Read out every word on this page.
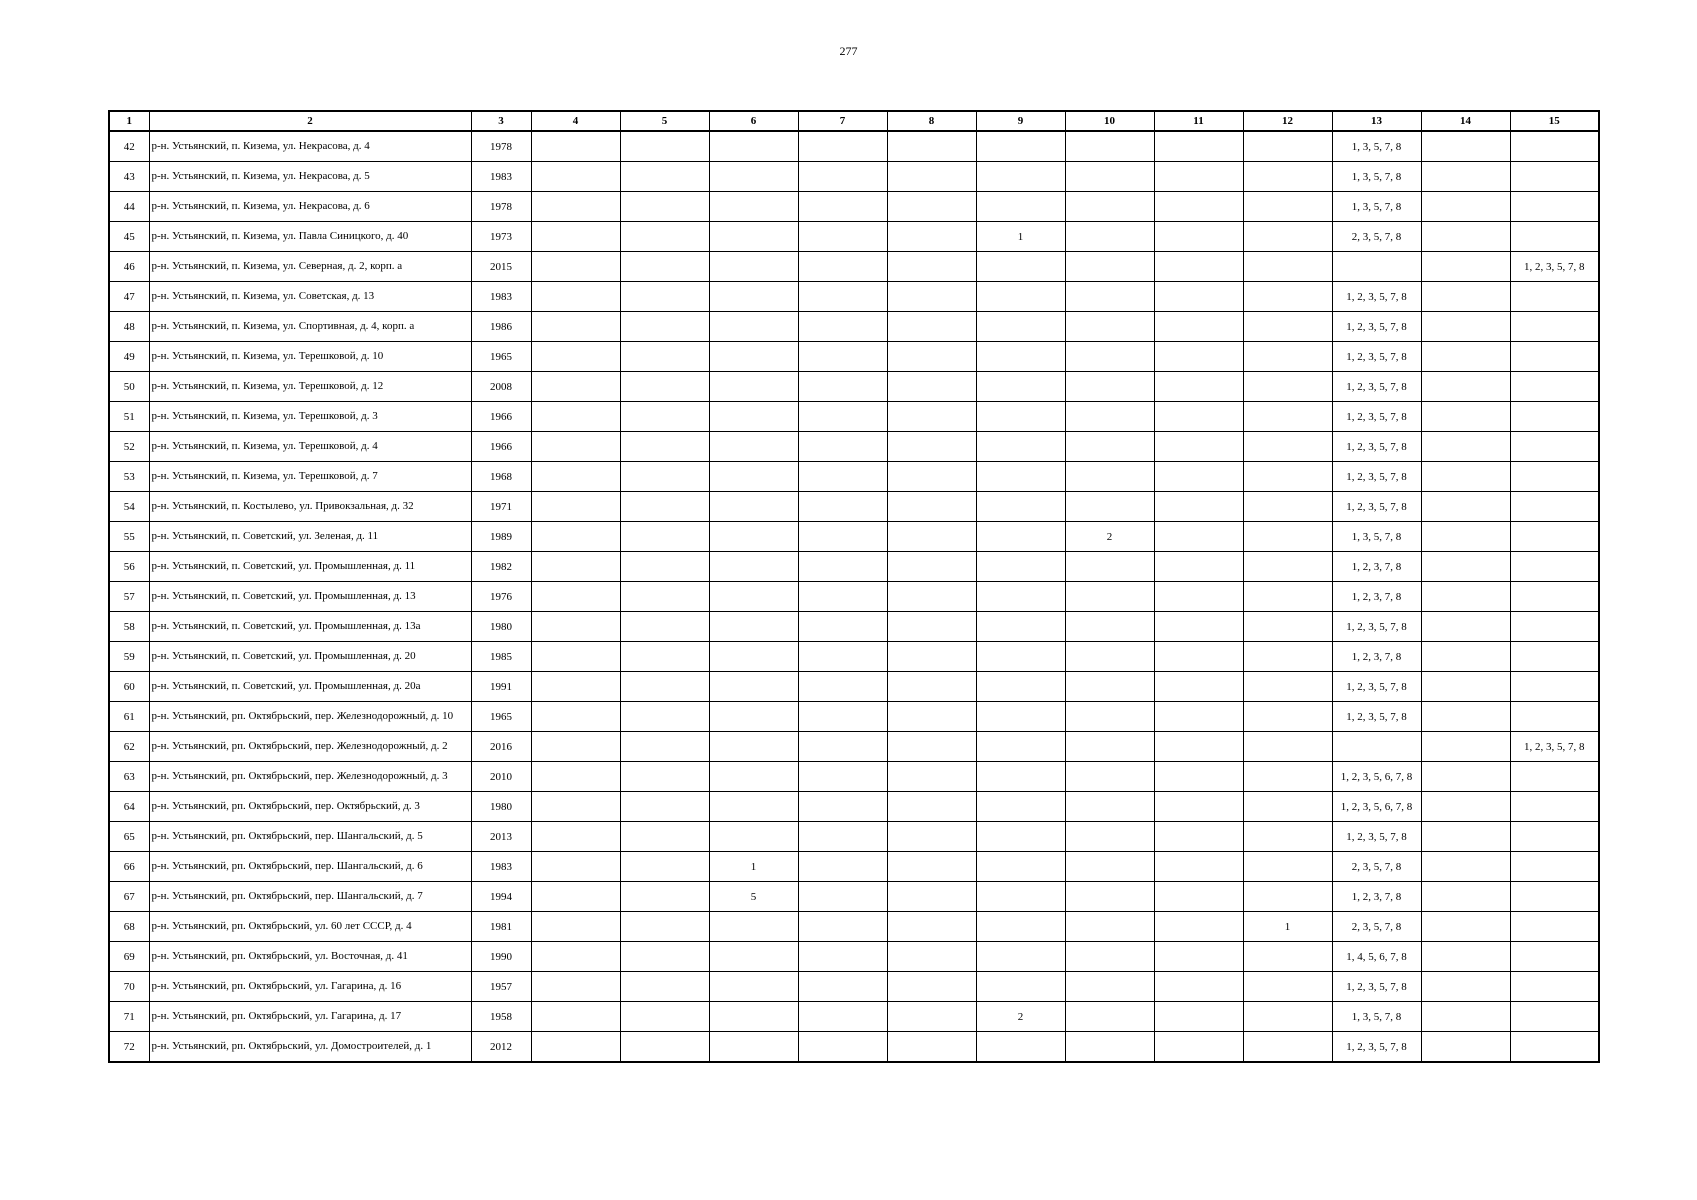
277
1	2	3	4	5	6	7	8	9	10	11	12	13	14	15
42	р-н. Устьянский, п. Кизема, ул. Некрасова, д. 4	1978										1, 3, 5, 7, 8		
43	р-н. Устьянский, п. Кизема, ул. Некрасова, д. 5	1983										1, 3, 5, 7, 8		
44	р-н. Устьянский, п. Кизема, ул. Некрасова, д. 6	1978										1, 3, 5, 7, 8		
45	р-н. Устьянский, п. Кизема, ул. Павла Синицкого, д. 40	1973						1				2, 3, 5, 7, 8		
46	р-н. Устьянский, п. Кизема, ул. Северная, д. 2, корп. а	2015												1, 2, 3, 5, 7, 8
47	р-н. Устьянский, п. Кизема, ул. Советская, д. 13	1983										1, 2, 3, 5, 7, 8		
48	р-н. Устьянский, п. Кизема, ул. Спортивная, д. 4, корп. а	1986										1, 2, 3, 5, 7, 8		
49	р-н. Устьянский, п. Кизема, ул. Терешковой, д. 10	1965										1, 2, 3, 5, 7, 8		
50	р-н. Устьянский, п. Кизема, ул. Терешковой, д. 12	2008										1, 2, 3, 5, 7, 8		
51	р-н. Устьянский, п. Кизема, ул. Терешковой, д. 3	1966										1, 2, 3, 5, 7, 8		
52	р-н. Устьянский, п. Кизема, ул. Терешковой, д. 4	1966										1, 2, 3, 5, 7, 8		
53	р-н. Устьянский, п. Кизема, ул. Терешковой, д. 7	1968										1, 2, 3, 5, 7, 8		
54	р-н. Устьянский, п. Костылево, ул. Привокзальная, д. 32	1971										1, 2, 3, 5, 7, 8		
55	р-н. Устьянский, п. Советский, ул. Зеленая, д. 11	1989							2			1, 3, 5, 7, 8		
56	р-н. Устьянский, п. Советский, ул. Промышленная, д. 11	1982										1, 2, 3, 7, 8		
57	р-н. Устьянский, п. Советский, ул. Промышленная, д. 13	1976										1, 2, 3, 7, 8		
58	р-н. Устьянский, п. Советский, ул. Промышленная, д. 13а	1980										1, 2, 3, 5, 7, 8		
59	р-н. Устьянский, п. Советский, ул. Промышленная, д. 20	1985										1, 2, 3, 7, 8		
60	р-н. Устьянский, п. Советский, ул. Промышленная, д. 20а	1991										1, 2, 3, 5, 7, 8		
61	р-н. Устьянский, рп. Октябрьский, пер. Железнодорожный, д. 10	1965										1, 2, 3, 5, 7, 8		
62	р-н. Устьянский, рп. Октябрьский, пер. Железнодорожный, д. 2	2016												1, 2, 3, 5, 7, 8
63	р-н. Устьянский, рп. Октябрьский, пер. Железнодорожный, д. 3	2010										1, 2, 3, 5, 6, 7, 8		
64	р-н. Устьянский, рп. Октябрьский, пер. Октябрьский, д. 3	1980										1, 2, 3, 5, 6, 7, 8		
65	р-н. Устьянский, рп. Октябрьский, пер. Шангальский, д. 5	2013										1, 2, 3, 5, 7, 8		
66	р-н. Устьянский, рп. Октябрьский, пер. Шангальский, д. 6	1983			1							2, 3, 5, 7, 8		
67	р-н. Устьянский, рп. Октябрьский, пер. Шангальский, д. 7	1994			5							1, 2, 3, 7, 8		
68	р-н. Устьянский, рп. Октябрьский, ул. 60 лет СССР, д. 4	1981									1	2, 3, 5, 7, 8		
69	р-н. Устьянский, рп. Октябрьский, ул. Восточная, д. 41	1990										1, 4, 5, 6, 7, 8		
70	р-н. Устьянский, рп. Октябрьский, ул. Гагарина, д. 16	1957										1, 2, 3, 5, 7, 8		
71	р-н. Устьянский, рп. Октябрьский, ул. Гагарина, д. 17	1958						2				1, 3, 5, 7, 8		
72	р-н. Устьянский, рп. Октябрьский, ул. Домостроителей, д. 1	2012										1, 2, 3, 5, 7, 8		
